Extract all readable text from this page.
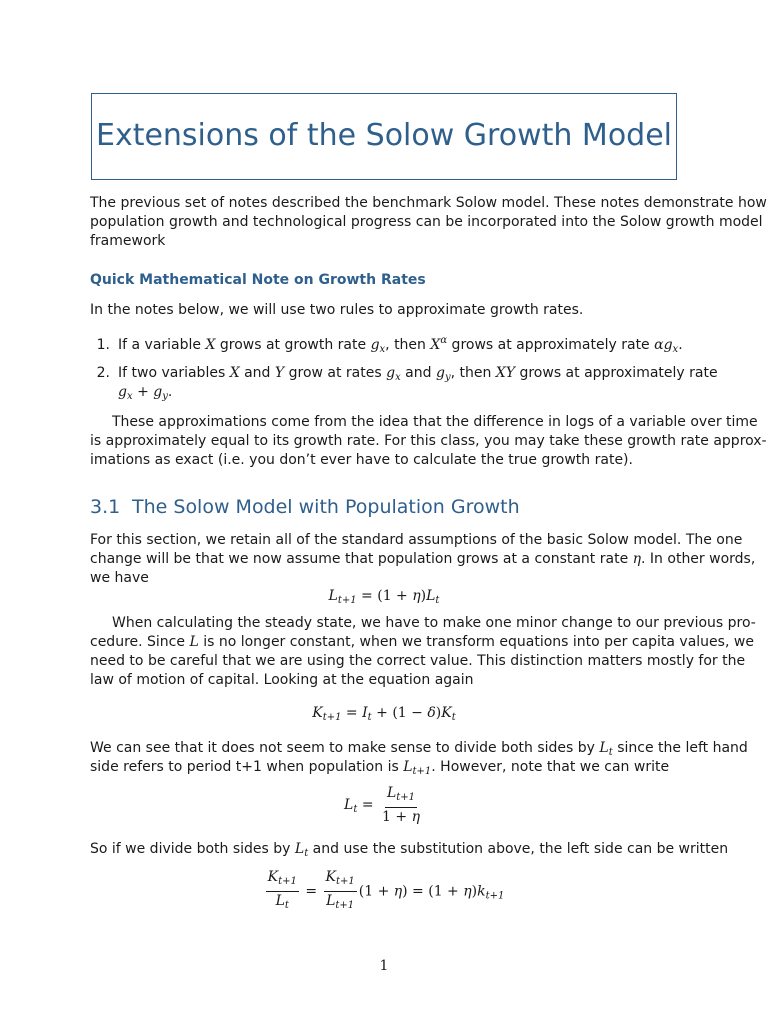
Extensions of the Solow Growth Model
The previous set of notes described the benchmark Solow model. These notes demonstrate how
population growth and technological progress can be incorporated into the Solow growth model
framework
Quick Mathematical Note on Growth Rates
In the notes below, we will use two rules to approximate growth rates.
1. If a variable X grows at growth rate $g_x$, then $X^\alpha$ grows at approximately rate $\alpha g_x$.
2. If two variables X and Y grow at rates $g_x$ and $g_y$, then XY grows at approximately rate
$g_x + g_y$.
These approximations come from the idea that the difference in logs of a variable over time
is approximately equal to its growth rate. For this class, you may take these growth rate approx-
imations as exact (i.e. you don’t ever have to calculate the true growth rate).
3.1 The Solow Model with Population Growth
For this section, we retain all of the standard assumptions of the basic Solow model. The one
change will be that we now assume that population grows at a constant rate η. In other words,
we have
$L_{t+1} = (1 + \eta)L_t$
When calculating the steady state, we have to make one minor change to our previous pro-
cedure. Since L is no longer constant, when we transform equations into per capita values, we
need to be careful that we are using the correct value. This distinction matters mostly for the
law of motion of capital. Looking at the equation again
$K_{t+1} = I_t + (1 - \delta)K_t$
We can see that it does not seem to make sense to divide both sides by $L_t$ since the left hand
side refers to period t+1 when population is $L_{t+1}$. However, note that we can write
$L_t = \frac{L_{t+1}}{1 + \eta}$
So if we divide both sides by $L_t$ and use the substitution above, the left side can be written
$\frac{K_{t+1}}{L_t} = \frac{K_{t+1}}{L_{t+1}} (1 + \eta) = (1 + \eta)k_{t+1}$
1
